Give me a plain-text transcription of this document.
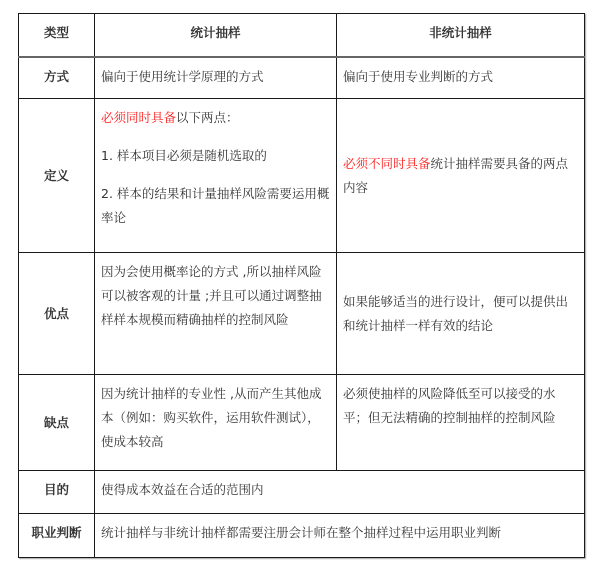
类型	统计抽样	非统计抽样
方式	偏向于使用统计学原理的方式	偏向于使用专业判断的方式
定义	必须同时具备以下两点：

1. 样本项目必须是随机选取的

2. 样本的结果和计量抽样风险需要运用概率论	必须不同时具备统计抽样需要具备的两点内容
优点	因为会使用概率论的方式 ,所以抽样风险可以被客观的计量 ;并且可以通过调整抽样样本规模而精确抽样的控制风险	如果能够适当的进行设计，便可以提供出和统计抽样一样有效的结论
缺点	因为统计抽样的专业性 ,从而产生其他成本（例如：购买软件，运用软件测试），使成本较高	必须使抽样的风险降低至可以接受的水平；但无法精确的控制抽样的控制风险
目的	使得成本效益在合适的范围内	
职业判断	统计抽样与非统计抽样都需要注册会计师在整个抽样过程中运用职业判断	
